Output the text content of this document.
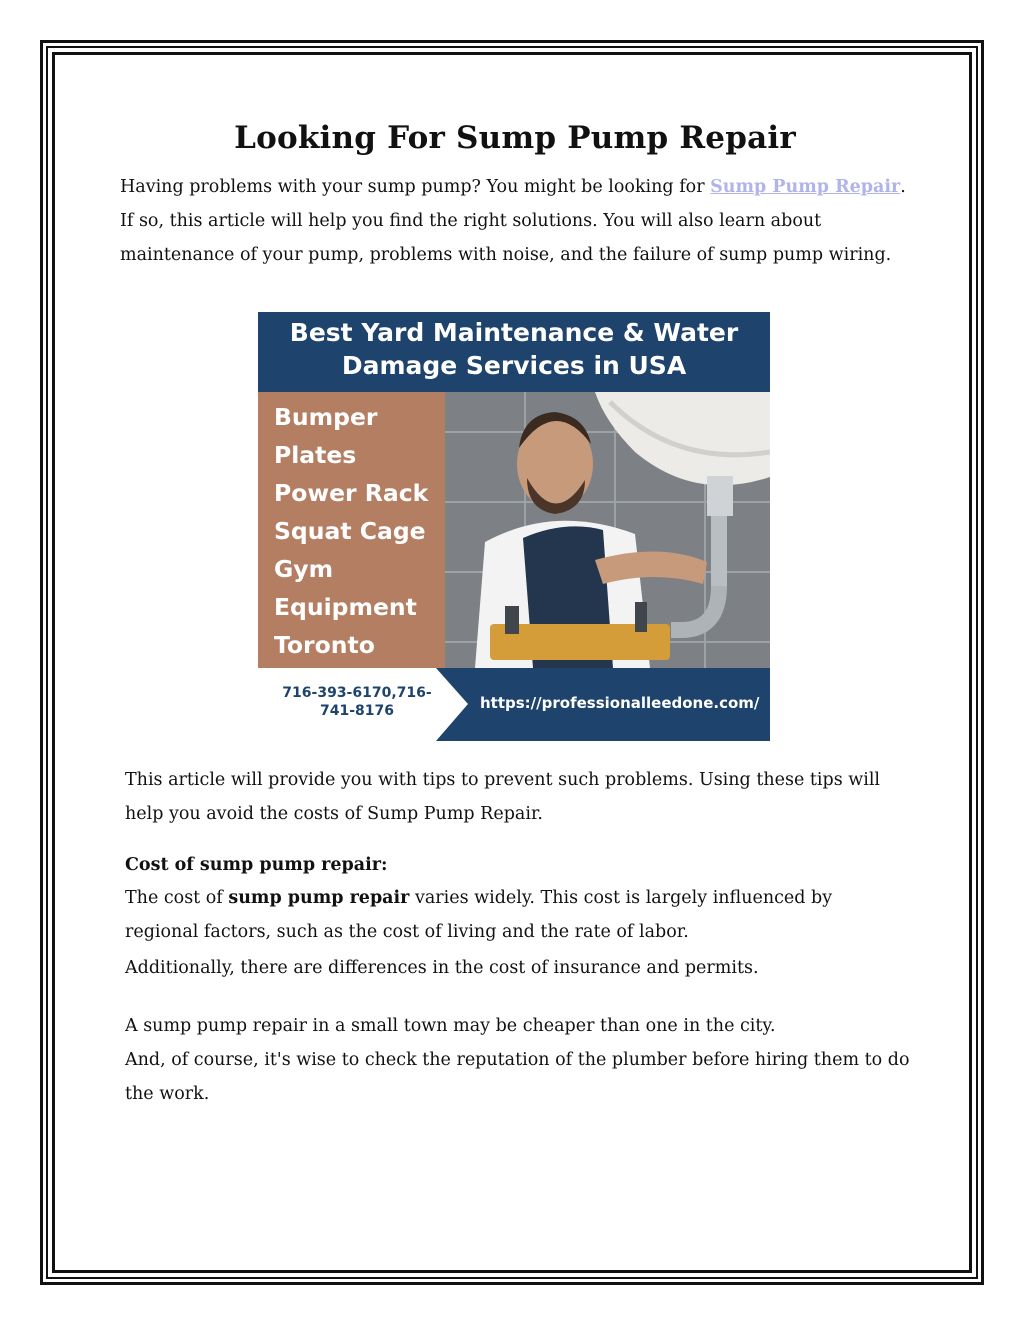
Looking For Sump Pump Repair

Having problems with your sump pump? You might be looking for Sump Pump Repair. If so, this article will help you find the right solutions. You will also learn about maintenance of your pump, problems with noise, and the failure of sump pump wiring.

Best Yard Maintenance & Water
Damage Services in USA
Bumper
Plates
Power Rack
Squat Cage
Gym
Equipment
Toronto
716-393-6170,716-
741-8176	https://professionalleedone.com/

This article will provide you with tips to prevent such problems. Using these tips will help you avoid the costs of Sump Pump Repair.

Cost of sump pump repair:

The cost of sump pump repair varies widely. This cost is largely influenced by regional factors, such as the cost of living and the rate of labor.

Additionally, there are differences in the cost of insurance and permits.

A sump pump repair in a small town may be cheaper than one in the city.

And, of course, it's wise to check the reputation of the plumber before hiring them to do the work.
